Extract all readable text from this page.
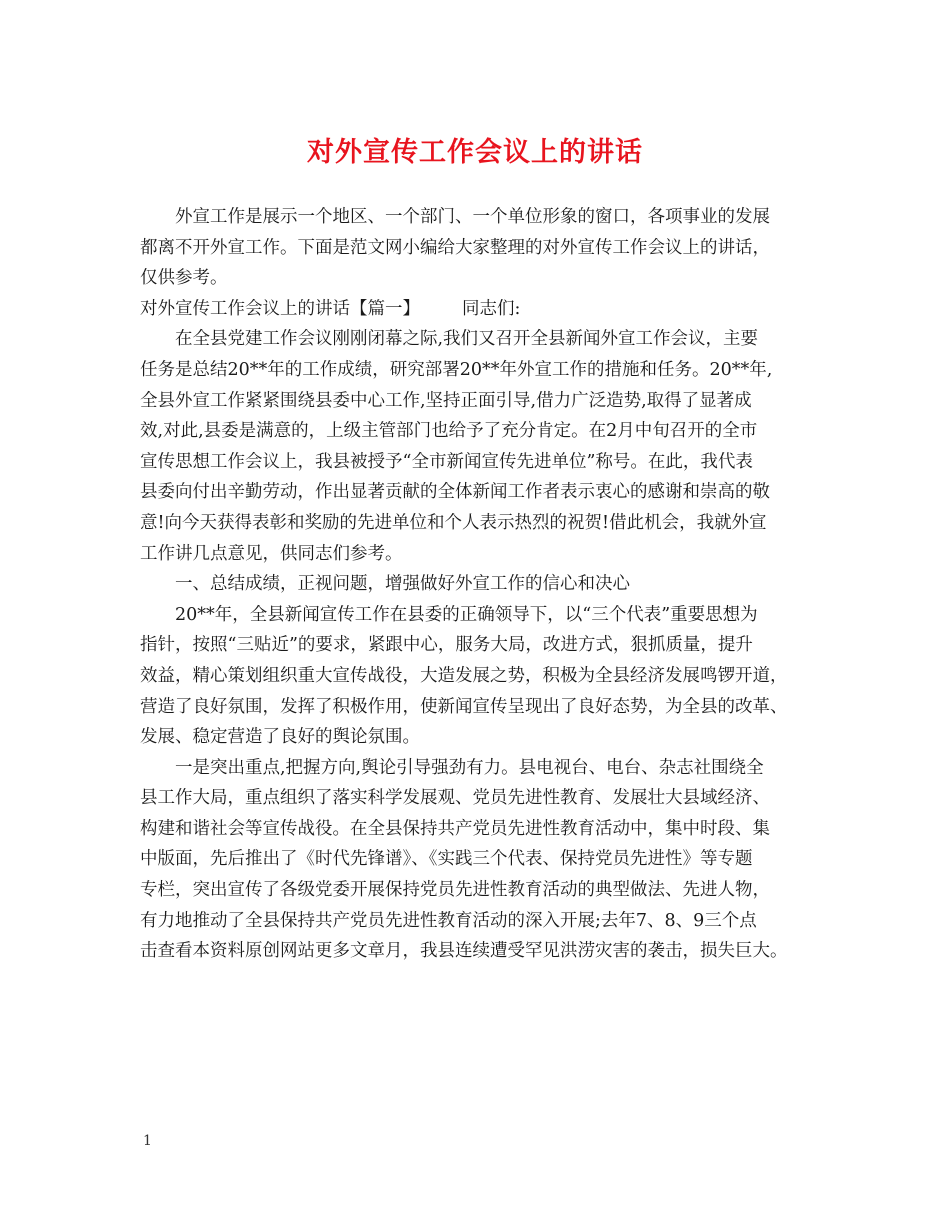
对外宣传工作会议上的讲话
外宣工作是展示一个地区、一个部门、一个单位形象的窗口，各项事业的发展
都离不开外宣工作。下面是范文网小编给大家整理的对外宣传工作会议上的讲话，
仅供参考。
对外宣传工作会议上的讲话【篇一】 同志们:
在全县党建工作会议刚刚闭幕之际,我们又召开全县新闻外宣工作会议，主要
任务是总结20**年的工作成绩，研究部署20**年外宣工作的措施和任务。20**年,
全县外宣工作紧紧围绕县委中心工作,坚持正面引导,借力广泛造势,取得了显著成
效,对此,县委是满意的，上级主管部门也给予了充分肯定。在2月中旬召开的全市
宣传思想工作会议上，我县被授予“全市新闻宣传先进单位”称号。在此，我代表
县委向付出辛勤劳动，作出显著贡献的全体新闻工作者表示衷心的感谢和崇高的敬
意!向今天获得表彰和奖励的先进单位和个人表示热烈的祝贺!借此机会，我就外宣
工作讲几点意见，供同志们参考。
一、总结成绩，正视问题，增强做好外宣工作的信心和决心
20**年，全县新闻宣传工作在县委的正确领导下，以“三个代表”重要思想为
指针，按照“三贴近”的要求，紧跟中心，服务大局，改进方式，狠抓质量，提升
效益，精心策划组织重大宣传战役，大造发展之势，积极为全县经济发展鸣锣开道，
营造了良好氛围，发挥了积极作用，使新闻宣传呈现出了良好态势，为全县的改革、
发展、稳定营造了良好的舆论氛围。
一是突出重点,把握方向,舆论引导强劲有力。县电视台、电台、杂志社围绕全
县工作大局，重点组织了落实科学发展观、党员先进性教育、发展壮大县域经济、
构建和谐社会等宣传战役。在全县保持共产党员先进性教育活动中，集中时段、集
中版面，先后推出了《时代先锋谱》、《实践三个代表、保持党员先进性》等专题
专栏，突出宣传了各级党委开展保持党员先进性教育活动的典型做法、先进人物，
有力地推动了全县保持共产党员先进性教育活动的深入开展;去年7、8、9三个点
击查看本资料原创网站更多文章月，我县连续遭受罕见洪涝灾害的袭击，损失巨大。
1
